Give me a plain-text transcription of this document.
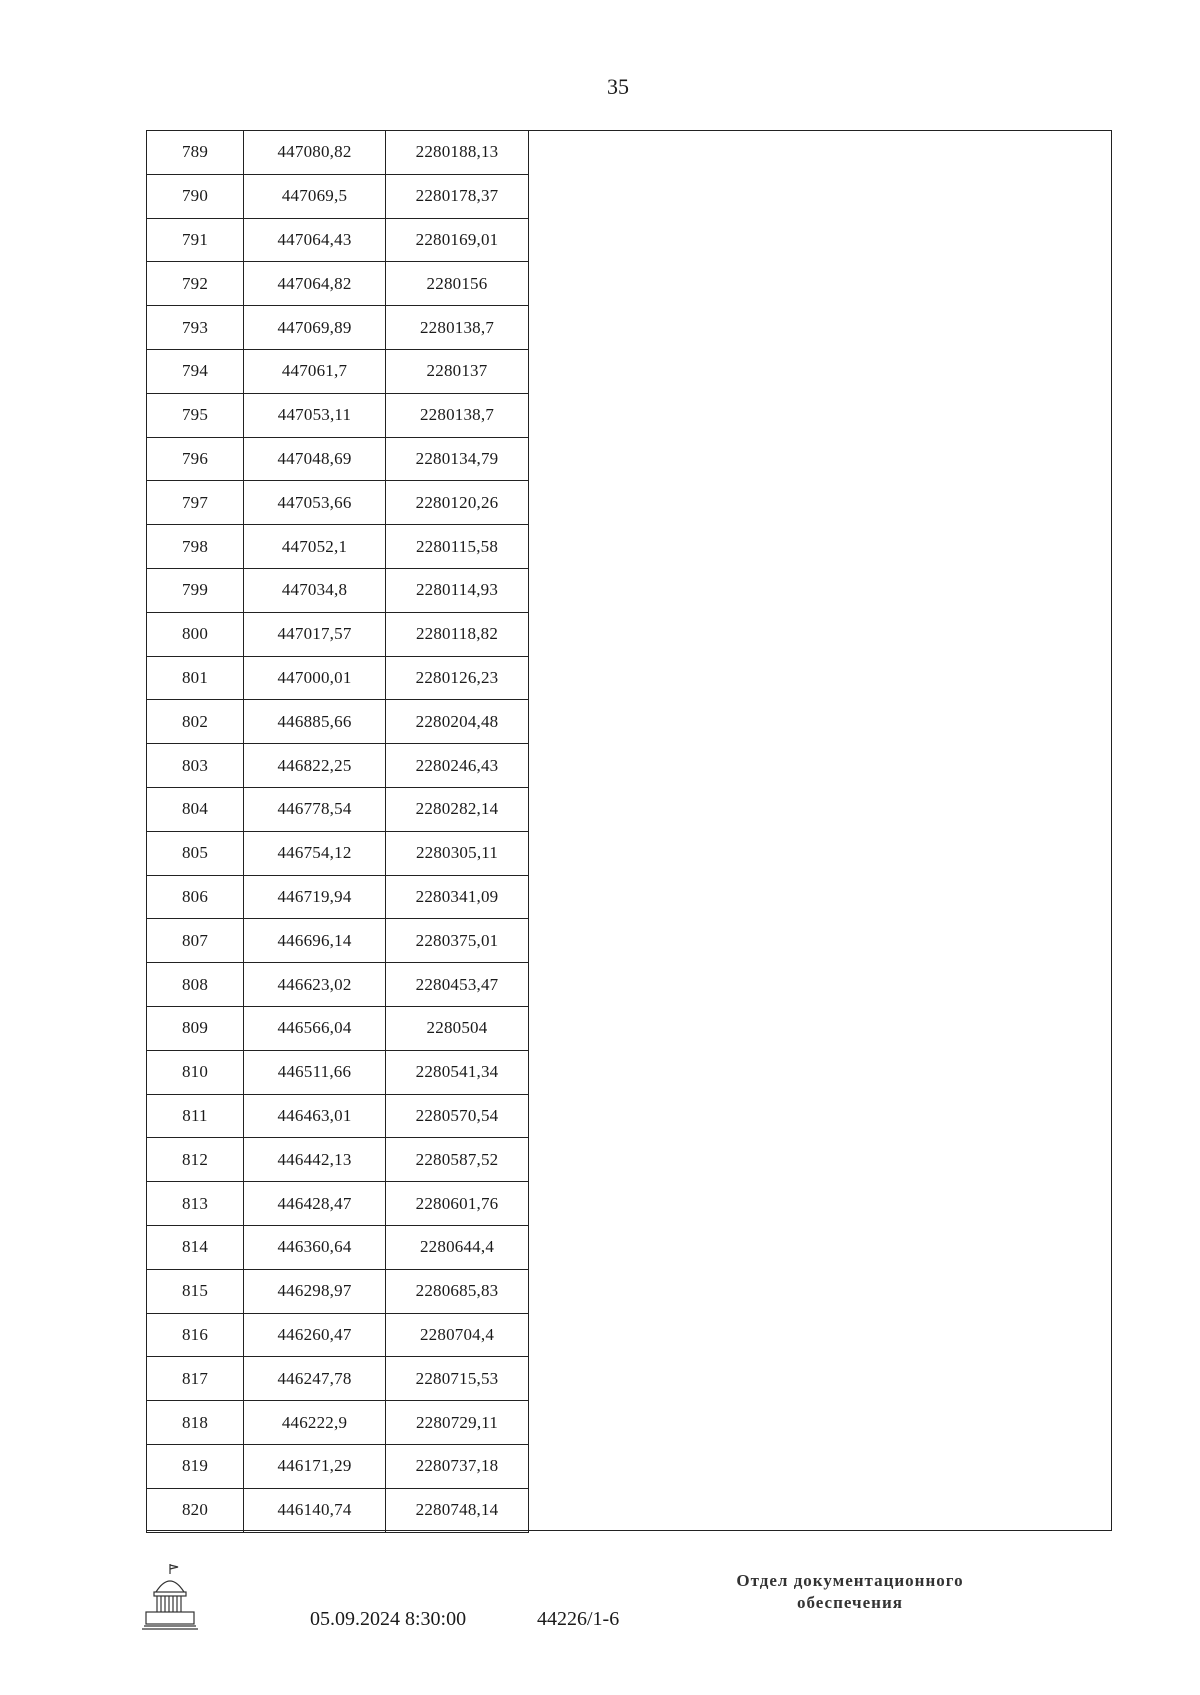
35
789	447080,82	2280188,13
790	447069,5	2280178,37
791	447064,43	2280169,01
792	447064,82	2280156
793	447069,89	2280138,7
794	447061,7	2280137
795	447053,11	2280138,7
796	447048,69	2280134,79
797	447053,66	2280120,26
798	447052,1	2280115,58
799	447034,8	2280114,93
800	447017,57	2280118,82
801	447000,01	2280126,23
802	446885,66	2280204,48
803	446822,25	2280246,43
804	446778,54	2280282,14
805	446754,12	2280305,11
806	446719,94	2280341,09
807	446696,14	2280375,01
808	446623,02	2280453,47
809	446566,04	2280504
810	446511,66	2280541,34
811	446463,01	2280570,54
812	446442,13	2280587,52
813	446428,47	2280601,76
814	446360,64	2280644,4
815	446298,97	2280685,83
816	446260,47	2280704,4
817	446247,78	2280715,53
818	446222,9	2280729,11
819	446171,29	2280737,18
820	446140,74	2280748,14
05.09.2024 8:30:00	44226/1-6
Отдел документационного
обеспечения
